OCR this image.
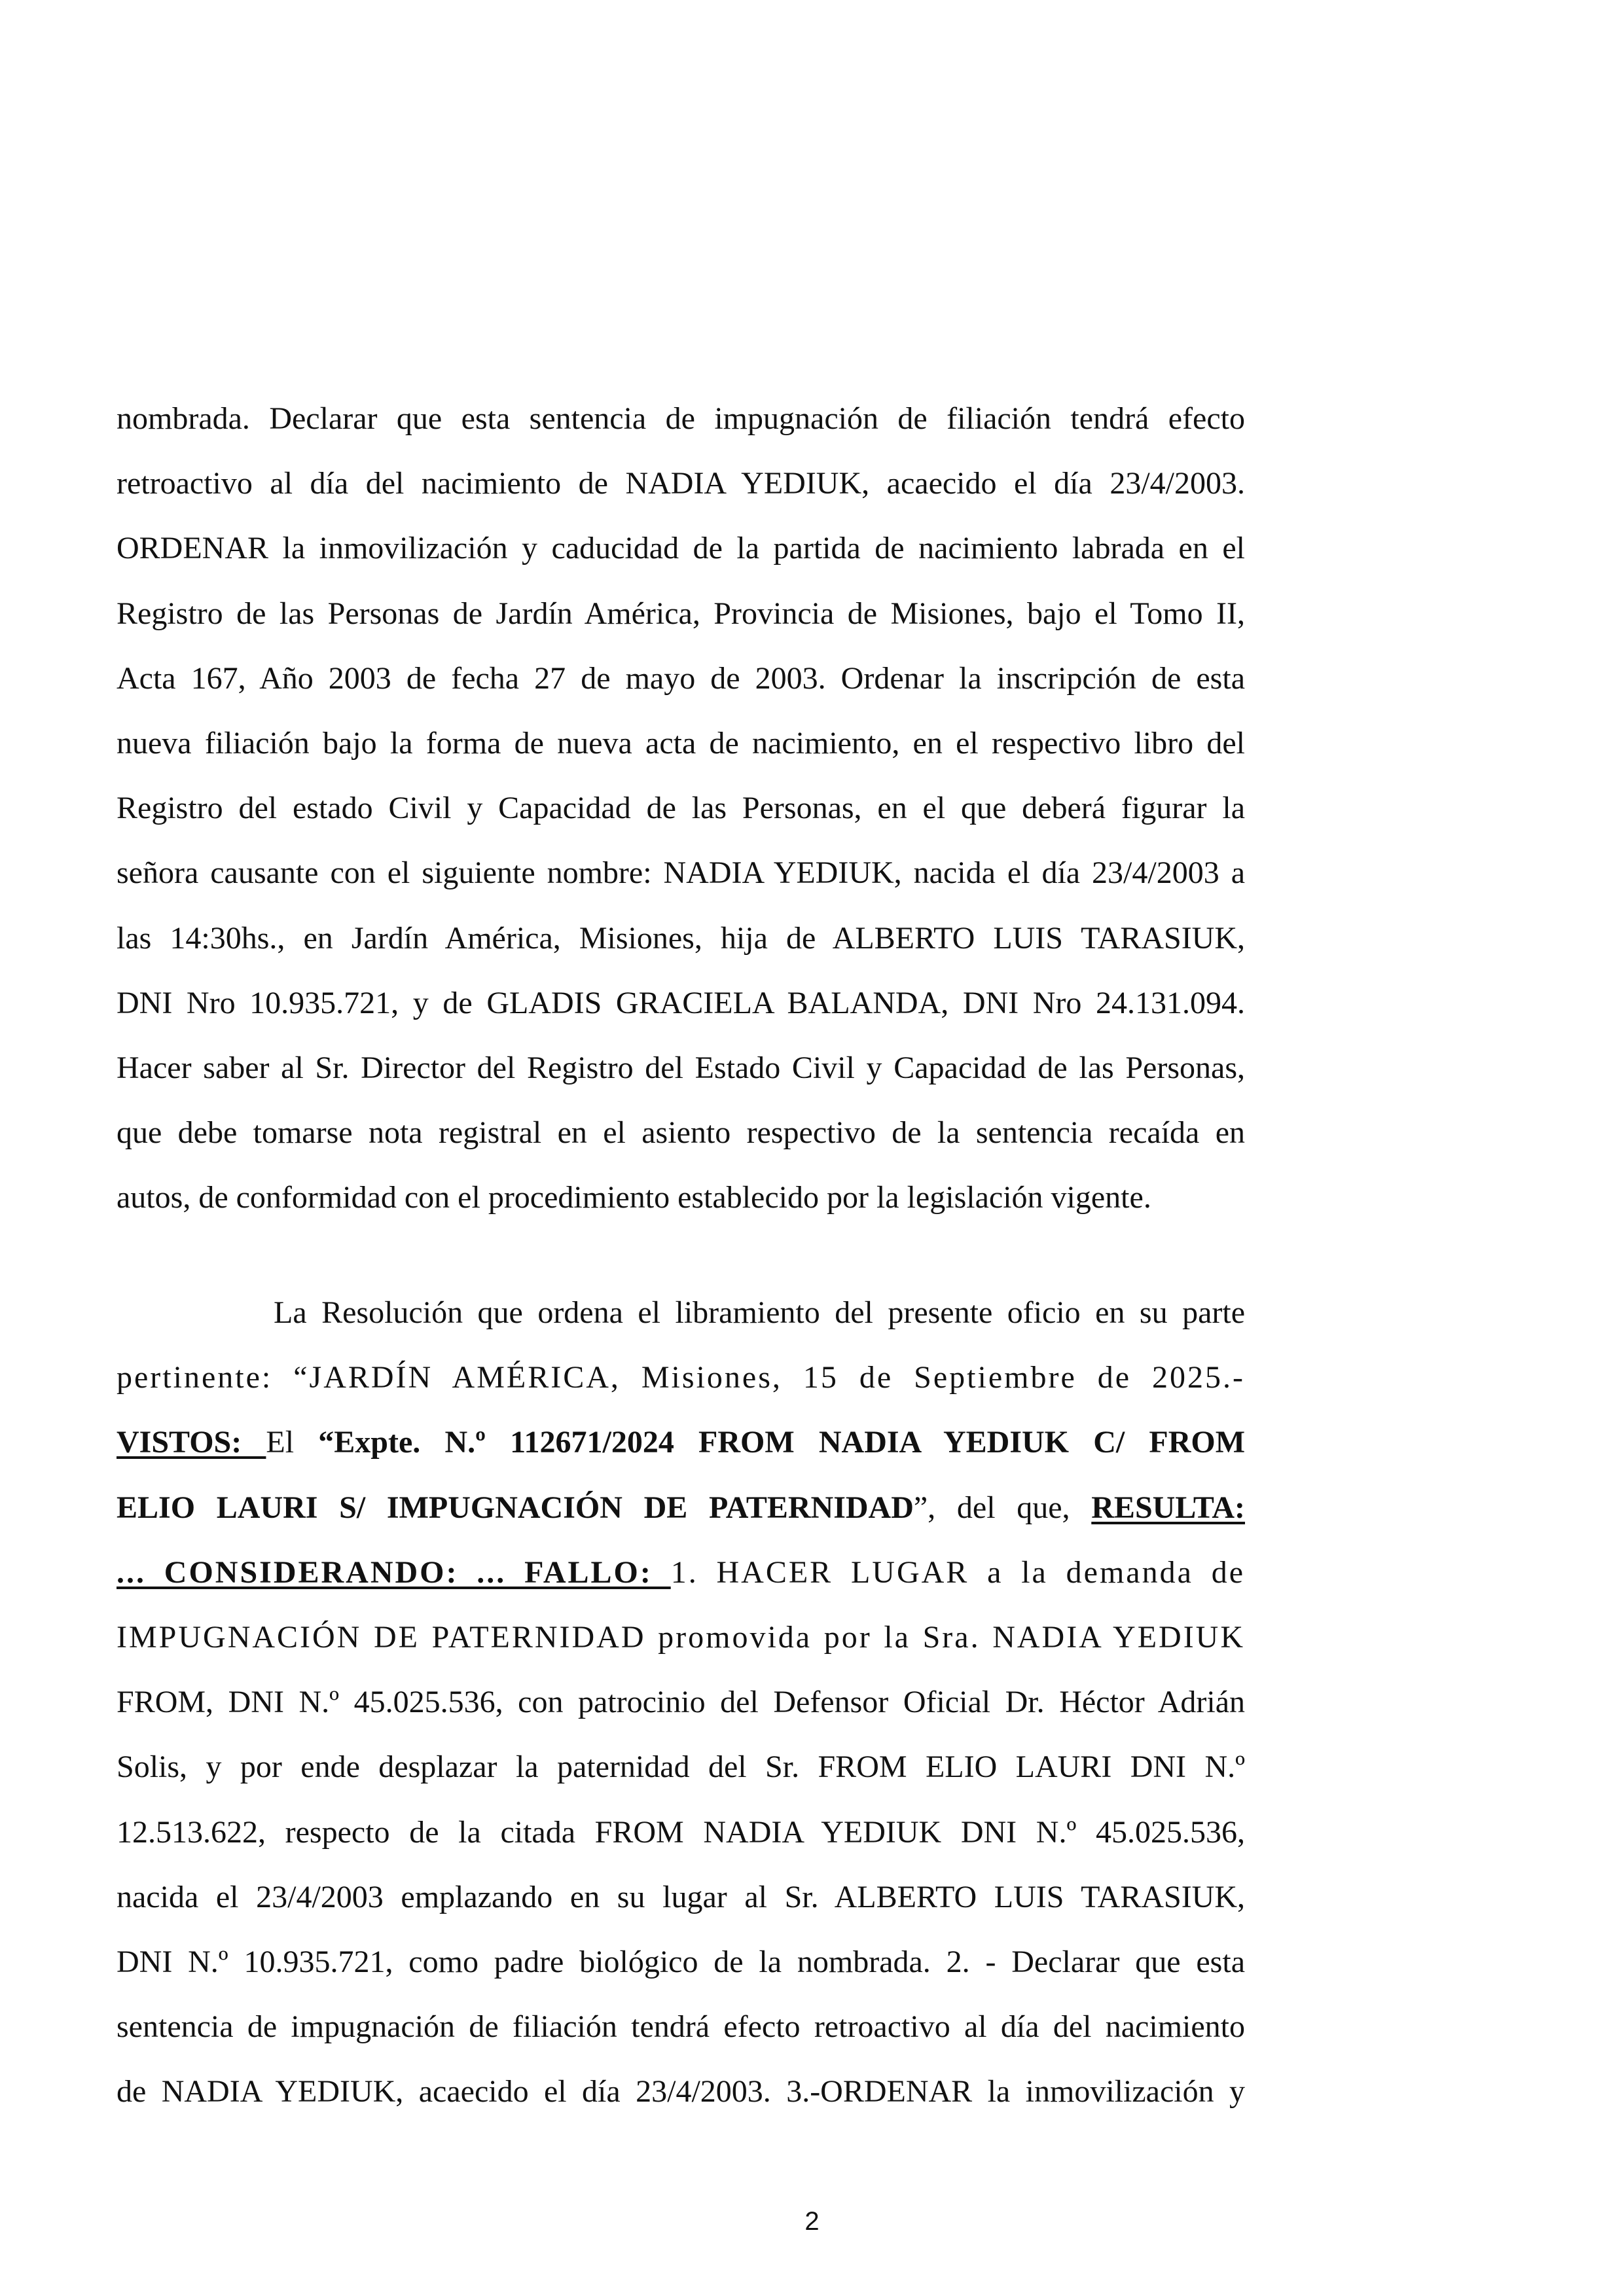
nombrada. Declarar que esta sentencia de impugnación de filiación tendrá efecto
retroactivo al día del nacimiento de NADIA YEDIUK, acaecido el día 23/4/2003.
ORDENAR la inmovilización y caducidad de la partida de nacimiento labrada en el
Registro de las Personas de Jardín América, Provincia de Misiones, bajo el Tomo II,
Acta 167, Año 2003 de fecha 27 de mayo de 2003. Ordenar la inscripción de esta
nueva filiación bajo la forma de nueva acta de nacimiento, en el respectivo libro del
Registro del estado Civil y Capacidad de las Personas, en el que deberá figurar la
señora causante con el siguiente nombre: NADIA YEDIUK, nacida el día 23/4/2003 a
las 14:30hs., en Jardín América, Misiones, hija de ALBERTO LUIS TARASIUK,
DNI Nro 10.935.721, y de GLADIS GRACIELA BALANDA, DNI Nro 24.131.094.
Hacer saber al Sr. Director del Registro del Estado Civil y Capacidad de las Personas,
que debe tomarse nota registral en el asiento respectivo de la sentencia recaída en
autos, de conformidad con el procedimiento establecido por la legislación vigente.
La Resolución que ordena el libramiento del presente oficio en su parte
pertinente: “JARDÍN AMÉRICA, Misiones, 15 de Septiembre de 2025.-
VISTOS: El “Expte. N.º 112671/2024 FROM NADIA YEDIUK C/ FROM
ELIO LAURI S/ IMPUGNACIÓN DE PATERNIDAD”, del que, RESULTA:
... CONSIDERANDO: ... FALLO: 1. HACER LUGAR a la demanda de
IMPUGNACIÓN DE PATERNIDAD promovida por la Sra. NADIA YEDIUK
FROM, DNI N.º 45.025.536, con patrocinio del Defensor Oficial Dr. Héctor Adrián
Solis, y por ende desplazar la paternidad del Sr. FROM ELIO LAURI DNI N.º
12.513.622, respecto de la citada FROM NADIA YEDIUK DNI N.º 45.025.536,
nacida el 23/4/2003 emplazando en su lugar al Sr. ALBERTO LUIS TARASIUK,
DNI N.º 10.935.721, como padre biológico de la nombrada. 2. - Declarar que esta
sentencia de impugnación de filiación tendrá efecto retroactivo al día del nacimiento
de NADIA YEDIUK, acaecido el día 23/4/2003. 3.-ORDENAR la inmovilización y
2
